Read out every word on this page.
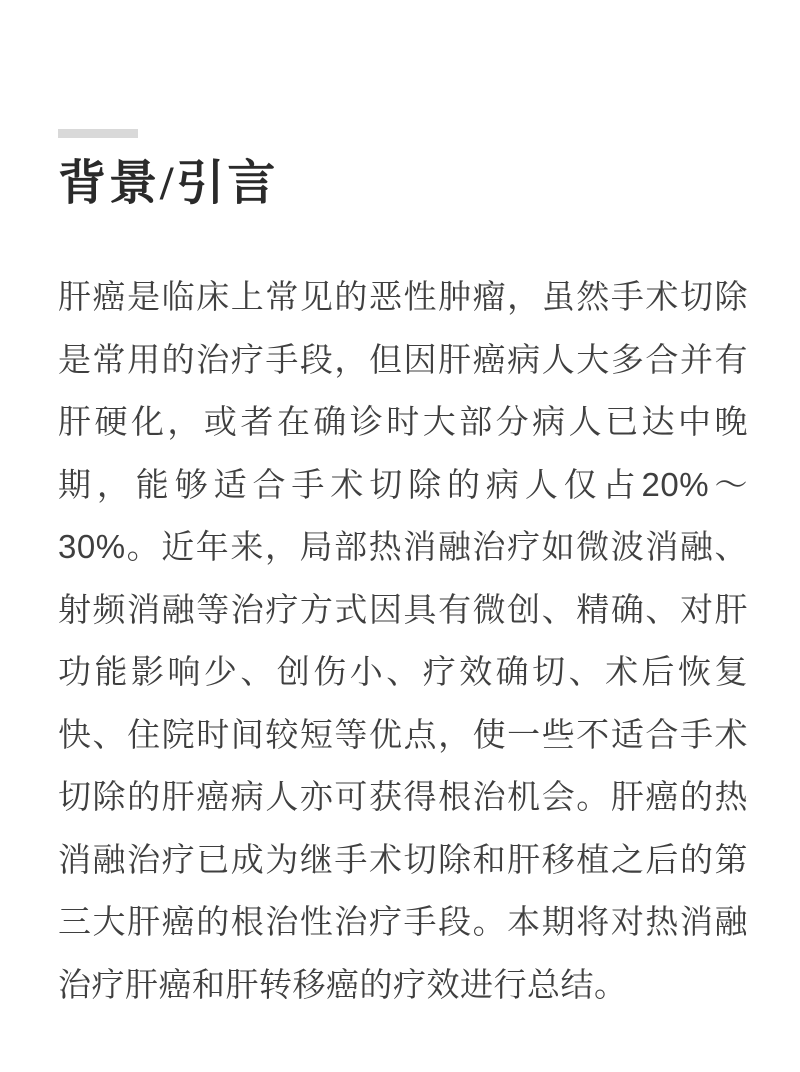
背景/引言
肝癌是临床上常见的恶性肿瘤，虽然手术切除
是常用的治疗手段，但因肝癌病人大多合并有
肝硬化，或者在确诊时大部分病人已达中晚
期，能够适合手术切除的病人仅占20%～
30%。近年来，局部热消融治疗如微波消融、
射频消融等治疗方式因具有微创、精确、对肝
功能影响少、创伤小、疗效确切、术后恢复
快、住院时间较短等优点，使一些不适合手术
切除的肝癌病人亦可获得根治机会。肝癌的热
消融治疗已成为继手术切除和肝移植之后的第
三大肝癌的根治性治疗手段。本期将对热消融
治疗肝癌和肝转移癌的疗效进行总结。
